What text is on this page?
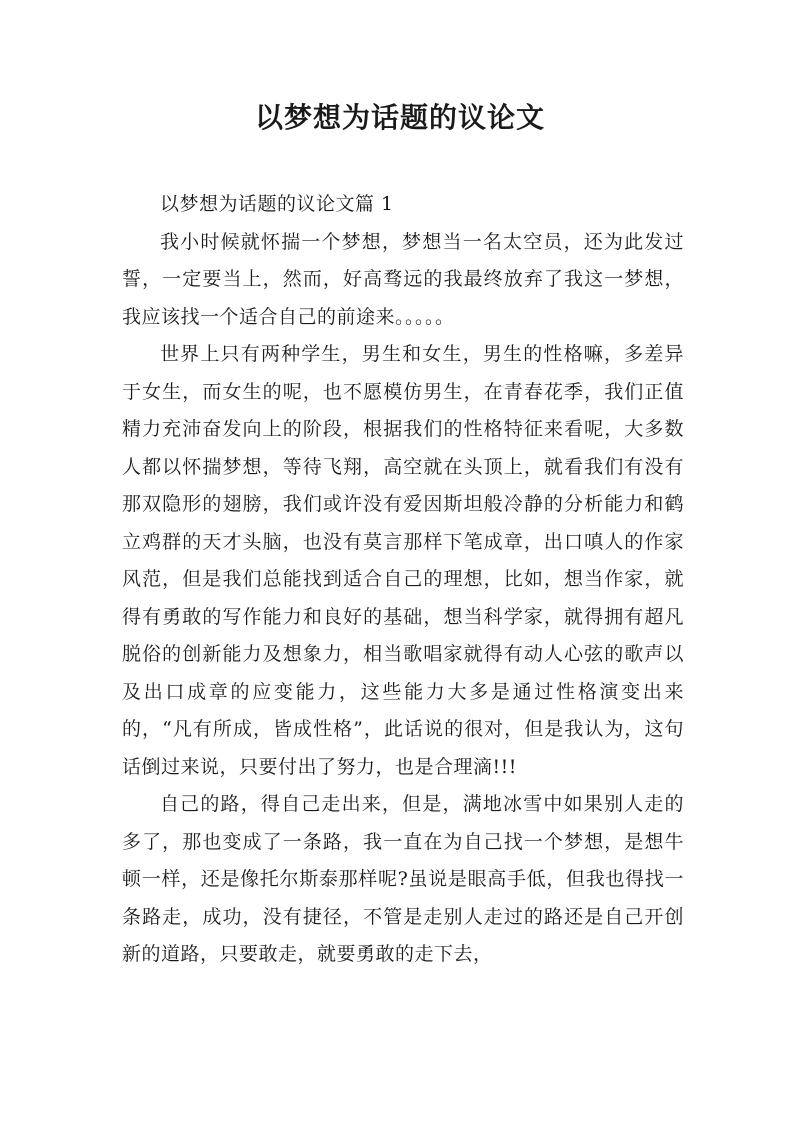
以梦想为话题的议论文

以梦想为话题的议论文篇 1

我小时候就怀揣一个梦想，梦想当一名太空员，还为此发过誓，一定要当上，然而，好高骛远的我最终放弃了我这一梦想，我应该找一个适合自己的前途来。。。。。

世界上只有两种学生，男生和女生，男生的性格嘛，多差异于女生，而女生的呢，也不愿模仿男生，在青春花季，我们正值精力充沛奋发向上的阶段，根据我们的性格特征来看呢，大多数人都以怀揣梦想，等待飞翔，高空就在头顶上，就看我们有没有那双隐形的翅膀，我们或许没有爱因斯坦般冷静的分析能力和鹤立鸡群的天才头脑，也没有莫言那样下笔成章，出口嗔人的作家风范，但是我们总能找到适合自己的理想，比如，想当作家，就得有勇敢的写作能力和良好的基础，想当科学家，就得拥有超凡脱俗的创新能力及想象力，相当歌唱家就得有动人心弦的歌声以及出口成章的应变能力，这些能力大多是通过性格演变出来的，“凡有所成，皆成性格”，此话说的很对，但是我认为，这句话倒过来说，只要付出了努力，也是合理滴!!!

自己的路，得自己走出来，但是，满地冰雪中如果别人走的多了，那也变成了一条路，我一直在为自己找一个梦想，是想牛顿一样，还是像托尔斯泰那样呢?虽说是眼高手低，但我也得找一条路走，成功，没有捷径，不管是走别人走过的路还是自己开创新的道路，只要敢走，就要勇敢的走下去，
